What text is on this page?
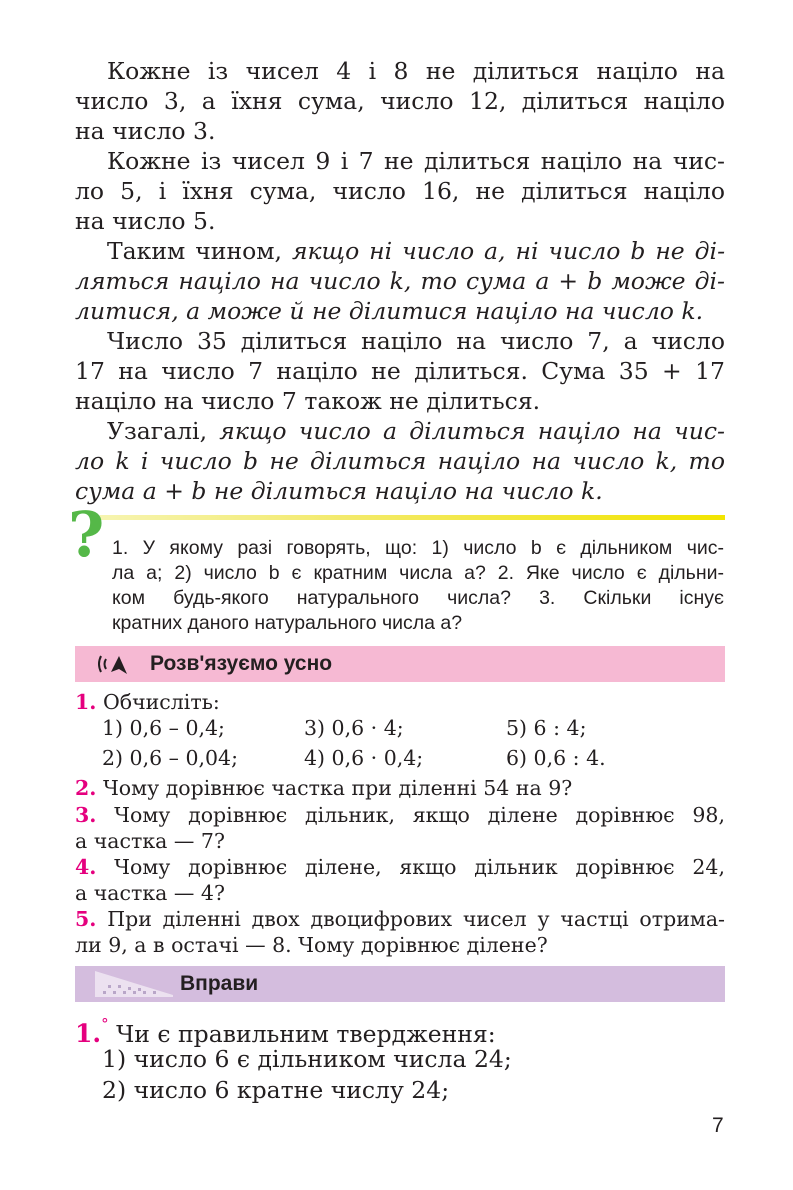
Кожне із чисел 4 і 8 не ділиться націло на
число 3, а їхня сума, число 12, ділиться націло
на число 3.
Кожне із чисел 9 і 7 не ділиться націло на чис-
ло 5, і їхня сума, число 16, не ділиться націло
на число 5.
Таким чином, якщо ні число a, ні число b не ді-
ляться націло на число k, то сума a + b може ді-
литися, а може й не ділитися націло на число k.
Число 35 ділиться націло на число 7, а число
17 на число 7 націло не ділиться. Сума 35 + 17
націло на число 7 також не ділиться.
Узагалі, якщо число a ділиться націло на чис-
ло k і число b не ділиться націло на число k, то
сума a + b не ділиться націло на число k.
? 1. У якому разі говорять, що: 1) число b є дільником чис-
ла a; 2) число b є кратним числа a? 2. Яке число є дільни-
ком будь-якого натурального числа? 3. Скільки існує
кратних даного натурального числа a?
Розв'язуємо усно
1. Обчисліть:
1) 0,6 – 0,4;	3) 0,6 · 4;	5) 6 : 4;
2) 0,6 – 0,04;	4) 0,6 · 0,4;	6) 0,6 : 4.
2. Чому дорівнює частка при діленні 54 на 9?
3. Чому дорівнює дільник, якщо ділене дорівнює 98,
а частка — 7?
4. Чому дорівнює ділене, якщо дільник дорівнює 24,
а частка — 4?
5. При діленні двох двоцифрових чисел у частці отрима-
ли 9, а в остачі — 8. Чому дорівнює ділене?
Вправи
1.° Чи є правильним твердження:
1) число 6 є дільником числа 24;
2) число 6 кратне числу 24;
7
